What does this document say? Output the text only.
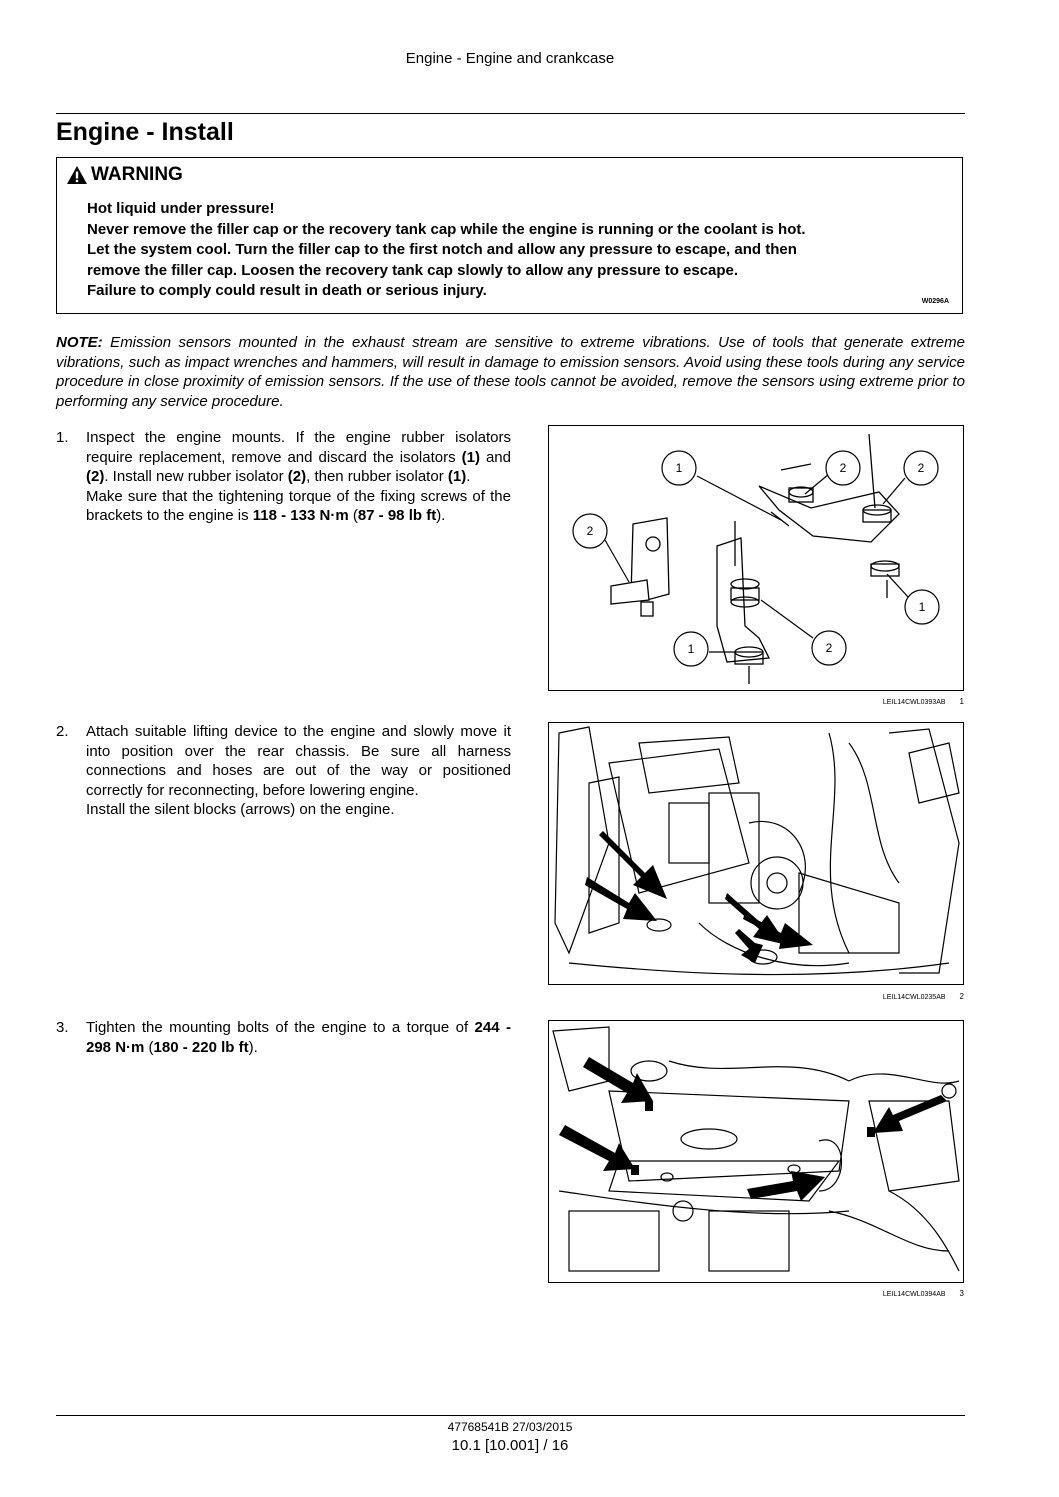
Engine - Engine and crankcase
Engine - Install
WARNING
Hot liquid under pressure!
Never remove the filler cap or the recovery tank cap while the engine is running or the coolant is hot.
Let the system cool. Turn the filler cap to the first notch and allow any pressure to escape, and then
remove the filler cap. Loosen the recovery tank cap slowly to allow any pressure to escape.
Failure to comply could result in death or serious injury.
W0296A
NOTE: Emission sensors mounted in the exhaust stream are sensitive to extreme vibrations. Use of tools that generate extreme vibrations, such as impact wrenches and hammers, will result in damage to emission sensors. Avoid using these tools during any service procedure in close proximity of emission sensors. If the use of these tools cannot be avoided, remove the sensors using extreme prior to performing any service procedure.
1. Inspect the engine mounts. If the engine rubber isolators require replacement, remove and discard the isolators (1) and (2). Install new rubber isolator (2), then rubber isolator (1).

Make sure that the tightening torque of the fixing screws of the brackets to the engine is 118 - 133 N·m (87 - 98 lb ft).

1	2	2
2
1
1	2
LEIL14CWL0393AB 1
2. Attach suitable lifting device to the engine and slowly move it into position over the rear chassis. Be sure all harness connections and hoses are out of the way or positioned correctly for reconnecting, before lowering engine.

Install the silent blocks (arrows) on the engine.

LEIL14CWL0235AB 2
3. Tighten the mounting bolts of the engine to a torque of 244 - 298 N·m (180 - 220 lb ft).

LEIL14CWL0394AB 3
47768541B 27/03/2015
10.1 [10.001] / 16
